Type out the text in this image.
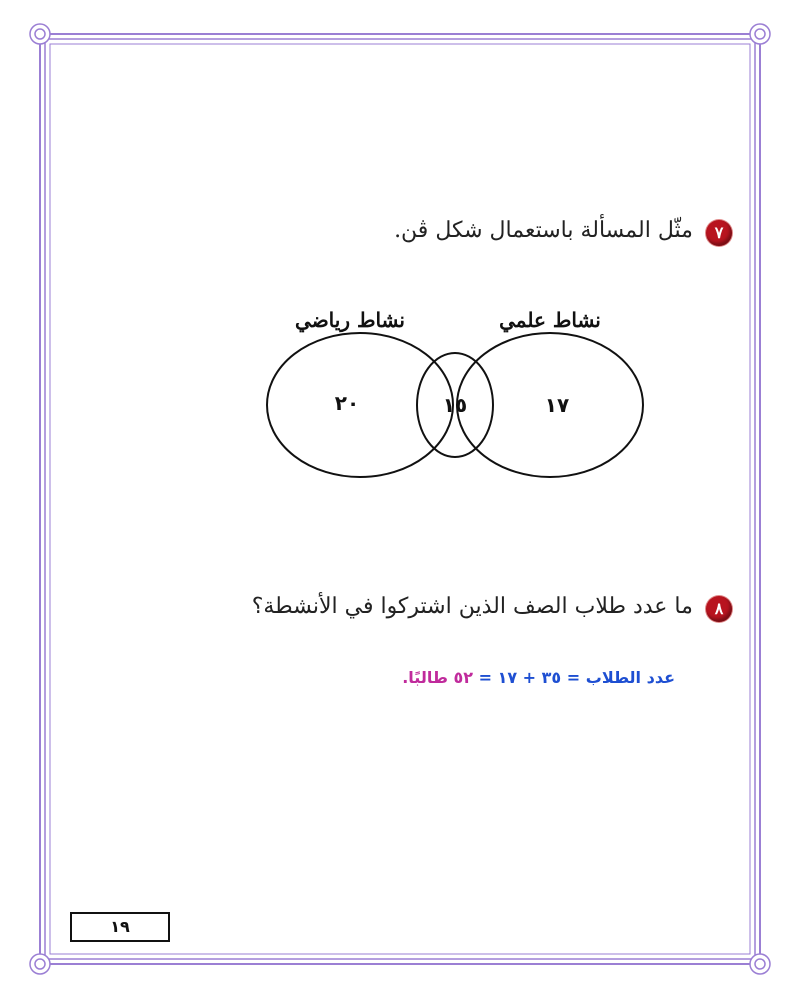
٧ مثّل المسألة باستعمال شكل ڤن.
نشاط رياضي	نشاط علمي
٢٠	١٥	١٧
٨ ما عدد طلاب الصف الذين اشتركوا في الأنشطة؟
عدد الطلاب = ٣٥ + ١٧ = ٥٢ طالبًا.
١٩
